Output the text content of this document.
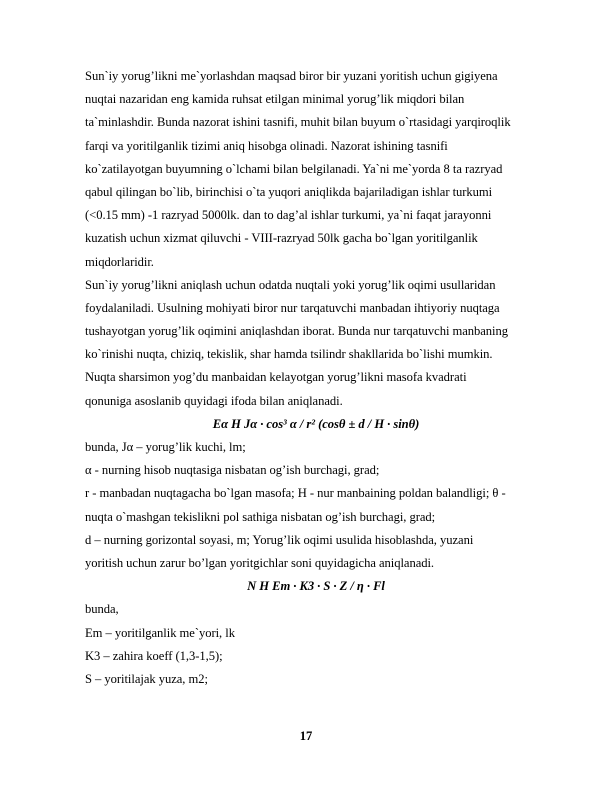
Sun`iy yorug’likni me`yorlashdan maqsad biror bir yuzani yoritish uchun gigiyena
nuqtai nazaridan eng kamida ruhsat etilgan minimal yorug’lik miqdori bilan
ta`minlashdir. Bunda nazorat ishini tasnifi, muhit bilan buyum o`rtasidagi yarqiroqlik
farqi va yoritilganlik tizimi aniq hisobga olinadi. Nazorat ishining tasnifi
ko`zatilayotgan buyumning o`lchami bilan belgilanadi. Ya`ni me`yorda 8 ta razryad
qabul qilingan bo`lib, birinchisi o`ta yuqori aniqlikda bajariladigan ishlar turkumi
(<0.15 mm) -1 razryad 5000lk. dan to dag’al ishlar turkumi, ya`ni faqat jarayonni
kuzatish uchun xizmat qiluvchi - VIII-razryad 50lk gacha bo`lgan yoritilganlik
miqdorlaridir.
Sun`iy yorug’likni aniqlash uchun odatda nuqtali yoki yorug’lik oqimi usullaridan
foydalaniladi. Usulning mohiyati biror nur tarqatuvchi manbadan ihtiyoriy nuqtaga
tushayotgan yorug’lik oqimini aniqlashdan iborat. Bunda nur tarqatuvchi manbaning
ko`rinishi nuqta, chiziq, tekislik, shar hamda tsilindr shakllarida bo`lishi mumkin.
Nuqta sharsimon yog’du manbaidan kelayotgan yorug’likni masofa kvadrati
qonuniga asoslanib quyidagi ifoda bilan aniqlanadi.
Eα H Jα · cos³ α / r² (cosθ ± d / H · sinθ)
bunda, Jα – yorug’lik kuchi, lm;
α - nurning hisob nuqtasiga nisbatan og’ish burchagi, grad;
r - manbadan nuqtagacha bo`lgan masofa; H - nur manbaining poldan balandligi; θ -
nuqta o`mashgan tekislikni pol sathiga nisbatan og’ish burchagi, grad;
d – nurning gorizontal soyasi, m; Yorug’lik oqimi usulida hisoblashda, yuzani
yoritish uchun zarur bo’lgan yoritgichlar soni quyidagicha aniqlanadi.
N H Em · K3 · S · Z / η · Fl
bunda,
Em – yoritilganlik me`yori, lk
K3 – zahira koeff (1,3-1,5);
S – yoritilajak yuza, m2;
17
